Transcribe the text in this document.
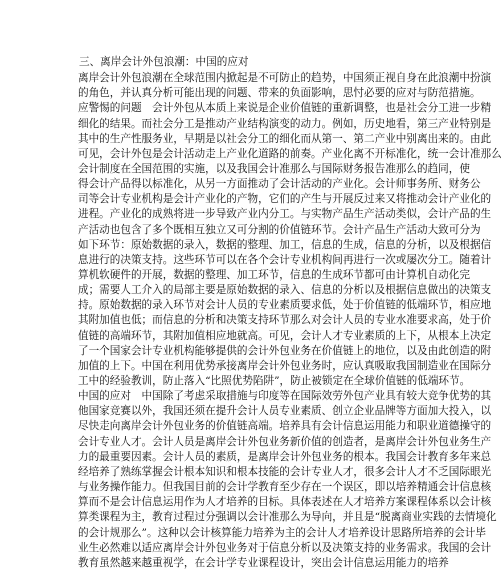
三、离岸会计外包浪潮：中国的应对
离岸会计外包浪潮在全球范围内掀起是不可防止的趋势，中国须正视自身在此浪潮中扮演
的角色，并认真分析可能出现的问题、带来的负面影响，思忖必要的应对与防范措施。
应警惕的问题　会计外包从本质上来说是企业价值链的重新调整，也是社会分工进一步精
细化的结果。而社会分工是推动产业结构演变的动力。例如，历史地看，第三产业特别是
其中的生产性服务业，早期是以社会分工的细化而从第一、第二产业中别离出来的。由此
可见，会计外包是会计活动走上产业化道路的前奏。产业化离不开标准化，统一会计准那么
会计制度在全国范围的实施，以及我国会计准那么与国际财务报告准那么的趋同，使
得会计产品得以标准化，从另一方面推动了会计活动的产业化。会计师事务所、财务公
司等会计专业机构是会计产业化的产物，它们的产生与开展反过来又将推动会计产业化的
进程。产业化的成熟将进一步导致产业内分工。与实物产品生产活动类似，会计产品的生
产活动也包含了多个既相互独立又可分割的价值链环节。会计产品生产活动大致可分为
如下环节：原始数据的录入，数据的整理、加工，信息的生成，信息的分析，以及根据信
息进行的决策支持。这些环节可以在各个会计专业机构间再进行一次或屡次分工。随着计
算机软硬件的开展，数据的整理、加工环节，信息的生成环节都可由计算机自动化完
成；需要人工介入的局部主要是原始数据的录入、信息的分析以及根据信息做出的决策支
持。原始数据的录入环节对会计人员的专业素质要求低，处于价值链的低端环节，相应地
其附加值也低；而信息的分析和决策支持环节那么对会计人员的专业水准要求高，处于价
值链的高端环节，其附加值相应地就高。可见，会计人才专业素质的上下，从根本上决定
了一个国家会计专业机构能够提供的会计外包业务在价值链上的地位，以及由此创造的附
加值的上下。中国在利用优势承接离岸会计外包业务时，应认真吸取我国制造业在国际分
工中的经验教训，防止落入“比照优势陷阱”，防止被锁定在全球价值链的低端环节。
中国的应对　中国除了考虑采取措施与印度等在国际效劳外包产业具有较大竞争优势的其
他国家竞赛以外，我国还须在提升会计人员专业素质、创立企业品牌等方面加大投入，以
尽快走向离岸会计外包业务的价值链高端。培养具有会计信息运用能力和职业道德操守的
会计专业人才。会计人员是离岸会计外包业务新价值的创造者，是离岸会计外包业务生产
力的最重要因素。会计人员的素质，是离岸会计外包业务的根本。我国会计教育多年来总
经培养了熟练掌握会计根本知识和根本技能的会计专业人才，很多会计人才不乏国际眼光
与业务操作能力。但我国目前的会计学教育至少存在一个误区，即以培养精通会计信息核
算而不是会计信息运用作为人才培养的目标。具体表述在人才培养方案课程体系以会计核
算类课程为主，教育过程过分强调以会计准那么为导向，并且是“脱离商业实践的去情境化
的会计规那么”。这种以会计核算能力培养为主的会计人才培养设计思路所培养的会计毕
业生必然难以适应离岸会计外包业务对于信息分析以及决策支持的业务需求。我国的会计
教育虽然越来越重视学，在会计学专业课程设计，突出会计信息运用能力的培养
